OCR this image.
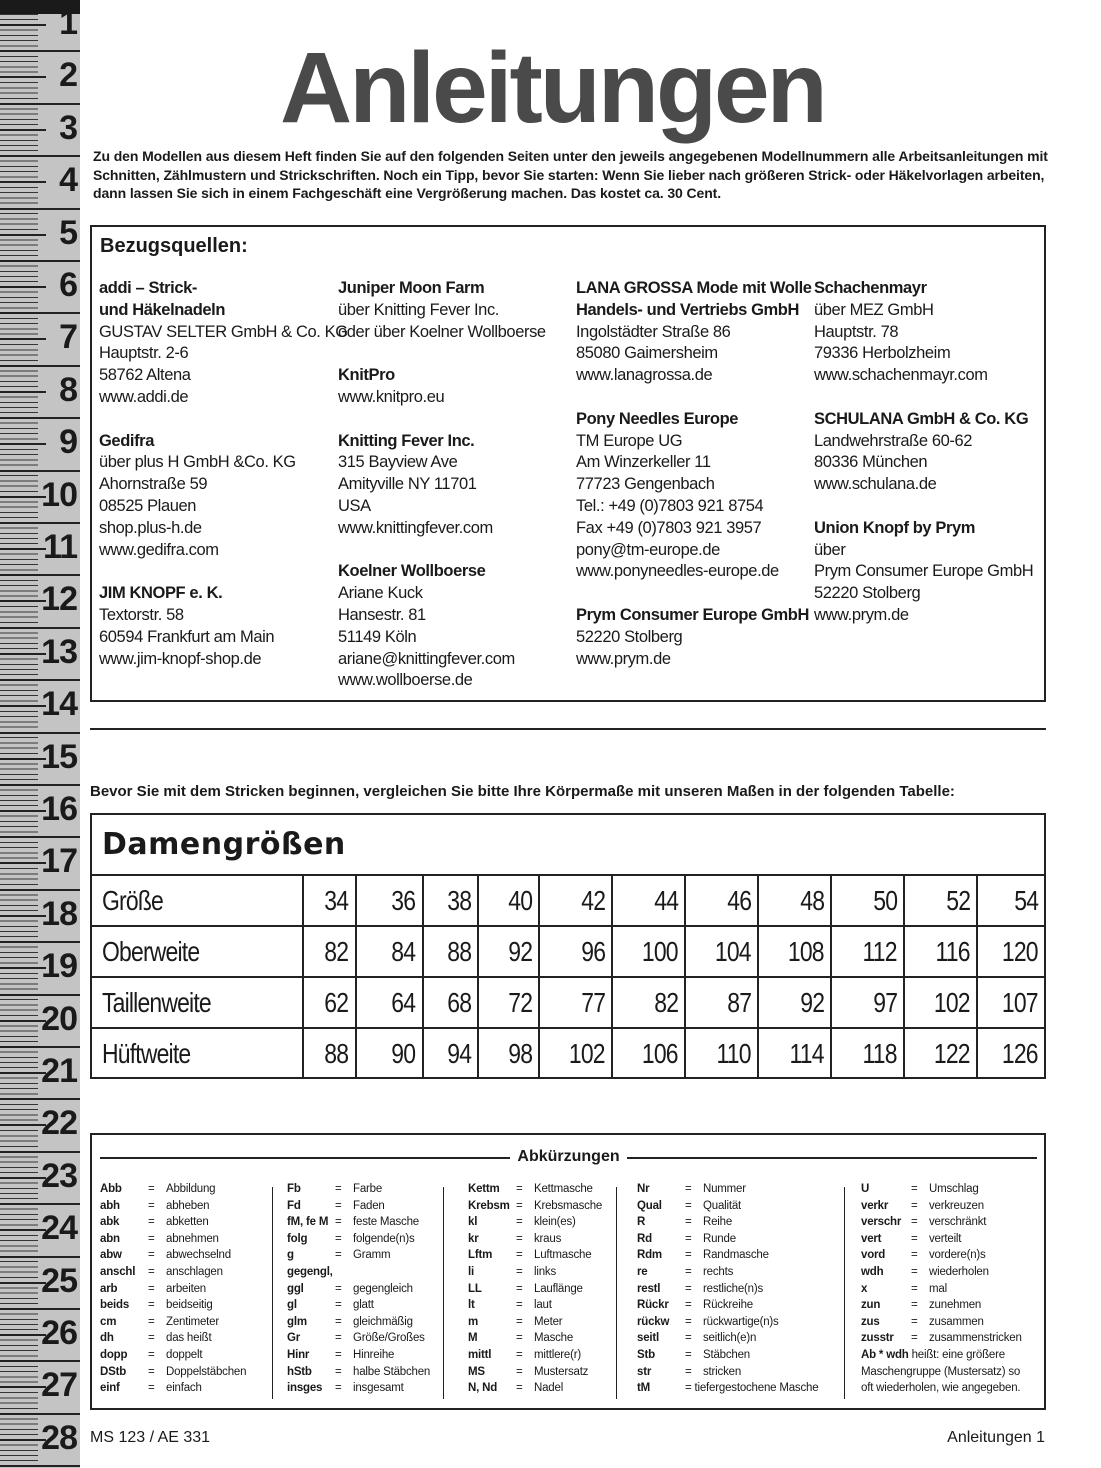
1
2
3
4
5
6
7
8
9
10
11
12
13
14
15
16
17
18
19
20
21
22
23
24
25
26
27
28
Anleitungen
Zu den Modellen aus diesem Heft finden Sie auf den folgenden Seiten unter den jeweils angegebenen Modellnummern alle Arbeitsanleitungen mit Schnitten, Zählmustern und Strickschriften. Noch ein Tipp, bevor Sie starten: Wenn Sie lieber nach größeren Strick- oder Häkelvorlagen arbeiten, dann lassen Sie sich in einem Fachgeschäft eine Vergrößerung machen. Das kostet ca. 30 Cent.
Bezugsquellen:
addi – Strick-
und Häkelnadeln
GUSTAV SELTER GmbH & Co. KG
Hauptstr. 2-6
58762 Altena
www.addi.de
Gedifra
über plus H GmbH &Co. KG
Ahornstraße 59
08525 Plauen
shop.plus-h.de
www.gedifra.com
JIM KNOPF e. K.
Textorstr. 58
60594 Frankfurt am Main
www.jim-knopf-shop.de
Juniper Moon Farm
über Knitting Fever Inc.
oder über Koelner Wollboerse
KnitPro
www.knitpro.eu
Knitting Fever Inc.
315 Bayview Ave
Amityville NY 11701
USA
www.knittingfever.com
Koelner Wollboerse
Ariane Kuck
Hansestr. 81
51149 Köln
ariane@knittingfever.com
www.wollboerse.de
LANA GROSSA Mode mit Wolle
Handels- und Vertriebs GmbH
Ingolstädter Straße 86
85080 Gaimersheim
www.lanagrossa.de
Pony Needles Europe
TM Europe UG
Am Winzerkeller 11
77723 Gengenbach
Tel.: +49 (0)7803 921 8754
Fax +49 (0)7803 921 3957
pony@tm-europe.de
www.ponyneedles-europe.de
Prym Consumer Europe GmbH
52220 Stolberg
www.prym.de
Schachenmayr
über MEZ GmbH
Hauptstr. 78
79336 Herbolzheim
www.schachenmayr.com
SCHULANA GmbH & Co. KG
Landwehrstraße 60-62
80336 München
www.schulana.de
Union Knopf by Prym
über
Prym Consumer Europe GmbH
52220 Stolberg
www.prym.de
Bevor Sie mit dem Stricken beginnen, vergleichen Sie bitte Ihre Körpermaße mit unseren Maßen in der folgenden Tabelle:
Damengrößen
Größe	34	36	38	40	42	44	46	48	50	52	54
Oberweite	82	84	88	92	96	100	104	108	112	116	120
Taillenweite	62	64	68	72	77	82	87	92	97	102	107
Hüftweite	88	90	94	98	102	106	110	114	118	122	126
Abkürzungen
Abb	= Abbildung
abh	= abheben
abk	= abketten
abn	= abnehmen
abw	= abwechselnd
anschl	= anschlagen
arb	= arbeiten
beids	= beidseitig
cm	= Zentimeter
dh	= das heißt
dopp	= doppelt
DStb	= Doppelstäbchen
einf	= einfach
Fb	= Farbe
Fd	= Faden
fM, fe M = feste Masche
folg	= folgende(n)s
g	= Gramm
gegengl,
ggl	= gegengleich
gl	= glatt
glm	= gleichmäßig
Gr	= Größe/Großes
Hinr	= Hinreihe
hStb	= halbe Stäbchen
insges	= insgesamt
Kettm	= Kettmasche
Krebsm = Krebsmasche
kl	= klein(es)
kr	= kraus
Lftm	= Luftmasche
li	= links
LL	= Lauflänge
lt	= laut
m	= Meter
M	= Masche
mittl	= mittlere(r)
MS	= Mustersatz
N, Nd	= Nadel
Nr	= Nummer
Qual	= Qualität
R	= Reihe
Rd	= Runde
Rdm	= Randmasche
re	= rechts
restl	= restliche(n)s
Rückr	= Rückreihe
rückw	= rückwartige(n)s
seitl	= seitlich(e)n
Stb	= Stäbchen
str	= stricken
tM	= tiefergestochene Masche
U	= Umschlag
verkr	= verkreuzen
verschr = verschränkt
vert	= verteilt
vord	= vordere(n)s
wdh	= wiederholen
x	= mal
zun	= zunehmen
zus	= zusammen
zusstr	= zusammenstricken
Ab * wdh heißt: eine größere
Maschengruppe (Mustersatz) so
oft wiederholen, wie angegeben.
MS 123 / AE 331	Anleitungen 1
